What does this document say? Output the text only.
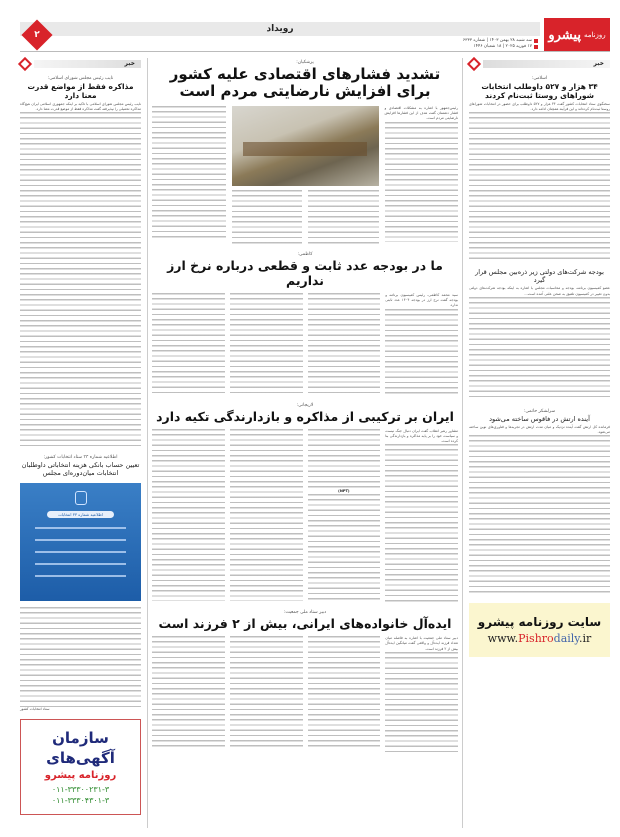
روزنامه
پیشرو
رویداد
سه شنبه ۲۸ بهمن ۱۴۰۳ | شماره ۶۳۳۳
۱۷ فوریه ۲۰۲۵ | ۱۸ شعبان ۱۴۴۶
۲
خبر
اسلامی:
۳۴ هزار و ۵۲۷ داوطلب انتخابات شوراهای روستا ثبت‌نام کردند
سخنگوی ستاد انتخابات کشور گفت ۳۴ هزار و ۵۲۷ داوطلب برای حضور در انتخابات شوراهای روستا ثبت‌نام کرده‌اند و این فرآیند همچنان ادامه دارد.
بودجه شرکت‌های دولتی زیر ذره‌بین مجلس قرار گیرد
عضو کمیسیون برنامه، بودجه و محاسبات مجلس با اشاره به اینکه بودجه شرکت‌های دولتی بدون تغییر در کمیسیون تلفیق به صحن علنی آمده است...
سرلشکر حاتمی:
آینده ارتش در فاقوس ساخته می‌شود
فرمانده کل ارتش گفت آینده نزدیک و میان مدت ارتش در تجربه‌ها و فناوری‌های نوین ساخته می‌شود.
سایت روزنامه پیشرو
www.Pishrodaily.ir
پزشکیان:
تشدید فشارهای اقتصادی علیه کشور برای افزایش نارضایتی مردم است
رئیس‌جمهور با اشاره به مشکلات اقتصادی و فشار دشمنان گفت هدف از این فشارها افزایش نارضایتی مردم است.
کاظمی:
ما در بودجه عدد ثابت و قطعی درباره نرخ ارز نداریم
سید محمد کاظمی، رئیس کمیسیون برنامه و بودجه گفت نرخ ارز در بودجه ۱۴۰۴ عدد ثابتی ندارد.
لاریجانی:
ایران بر ترکیبی از مذاکره و بازدارندگی تکیه دارد
مشاور رهبر انقلاب گفت ایران دنبال جنگ نیست و سیاست خود را بر پایه مذاکره و بازدارندگی بنا کرده است.
(NPT)
دبیر ستاد ملی جمعیت:
ایده‌آل خانواده‌های ایرانی، بیش از ۲ فرزند است
دبیر ستاد ملی جمعیت با اشاره به فاصله میان تعداد فرزند ایده‌آل و واقعی گفت میانگین ایده‌آل بیش از ۲ فرزند است.
خبر
نایب رئیس مجلس شورای اسلامی:
مذاکره فقط از مواضع قدرت معنا دارد
نایب رئیس مجلس شورای اسلامی با تاکید بر اینکه جمهوری اسلامی ایران هیچ‌گاه مذاکره تحمیلی را نپذیرفته گفت مذاکره فقط از موضع قدرت معنا دارد.
اطلاعیه شماره ۳۳ ستاد انتخابات کشور:
تعیین حساب بانکی هزینه انتخاباتی داوطلبان انتخابات میان‌دوره‌ای مجلس
اطلاعیه شماره ۳۳ انتخابات
ستاد انتخابات کشور
سازمان آگهی‌های
روزنامه پیشرو
۰۱۱-۳۳۳۰۰۲۳۱-۳
۰۱۱-۳۳۳۰۴۳۰۱-۳
